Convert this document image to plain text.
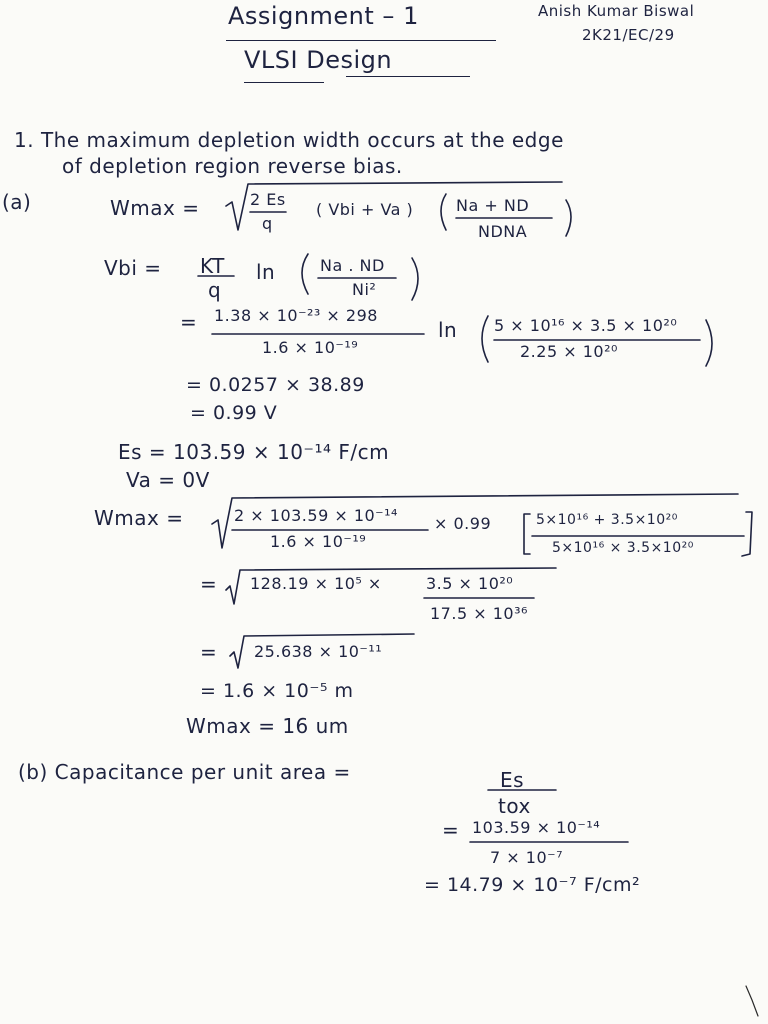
Assignment – 1
VLSI Design
Anish Kumar Biswal
2K21/EC/29
1. The maximum depletion width occurs at the edge
of depletion region reverse bias.
(a)	Wmax =	2 Es
q
( Vbi + Va )	Na + ND
NDNA
Vbi = KT
q
ln	Na . ND
Ni²
= 1.38 × 10⁻²³ × 298
1.6 × 10⁻¹⁹
ln 5 × 10¹⁶ × 3.5 × 10²⁰
2.25 × 10²⁰
= 0.0257 × 38.89
= 0.99 V
Es = 103.59 × 10⁻¹⁴ F/cm
Va = 0V
Wmax =	2 × 103.59 × 10⁻¹⁴
1.6 × 10⁻¹⁹
× 0.99	5×10¹⁶ + 3.5×10²⁰
5×10¹⁶ × 3.5×10²⁰
= 128.19 × 10⁵ ×	3.5 × 10²⁰
17.5 × 10³⁶
= 25.638 × 10⁻¹¹
= 1.6 × 10⁻⁵ m
Wmax = 16 um
(b) Capacitance per unit area =	Es
tox
= 103.59 × 10⁻¹⁴
7 × 10⁻⁷
= 14.79 × 10⁻⁷ F/cm²
